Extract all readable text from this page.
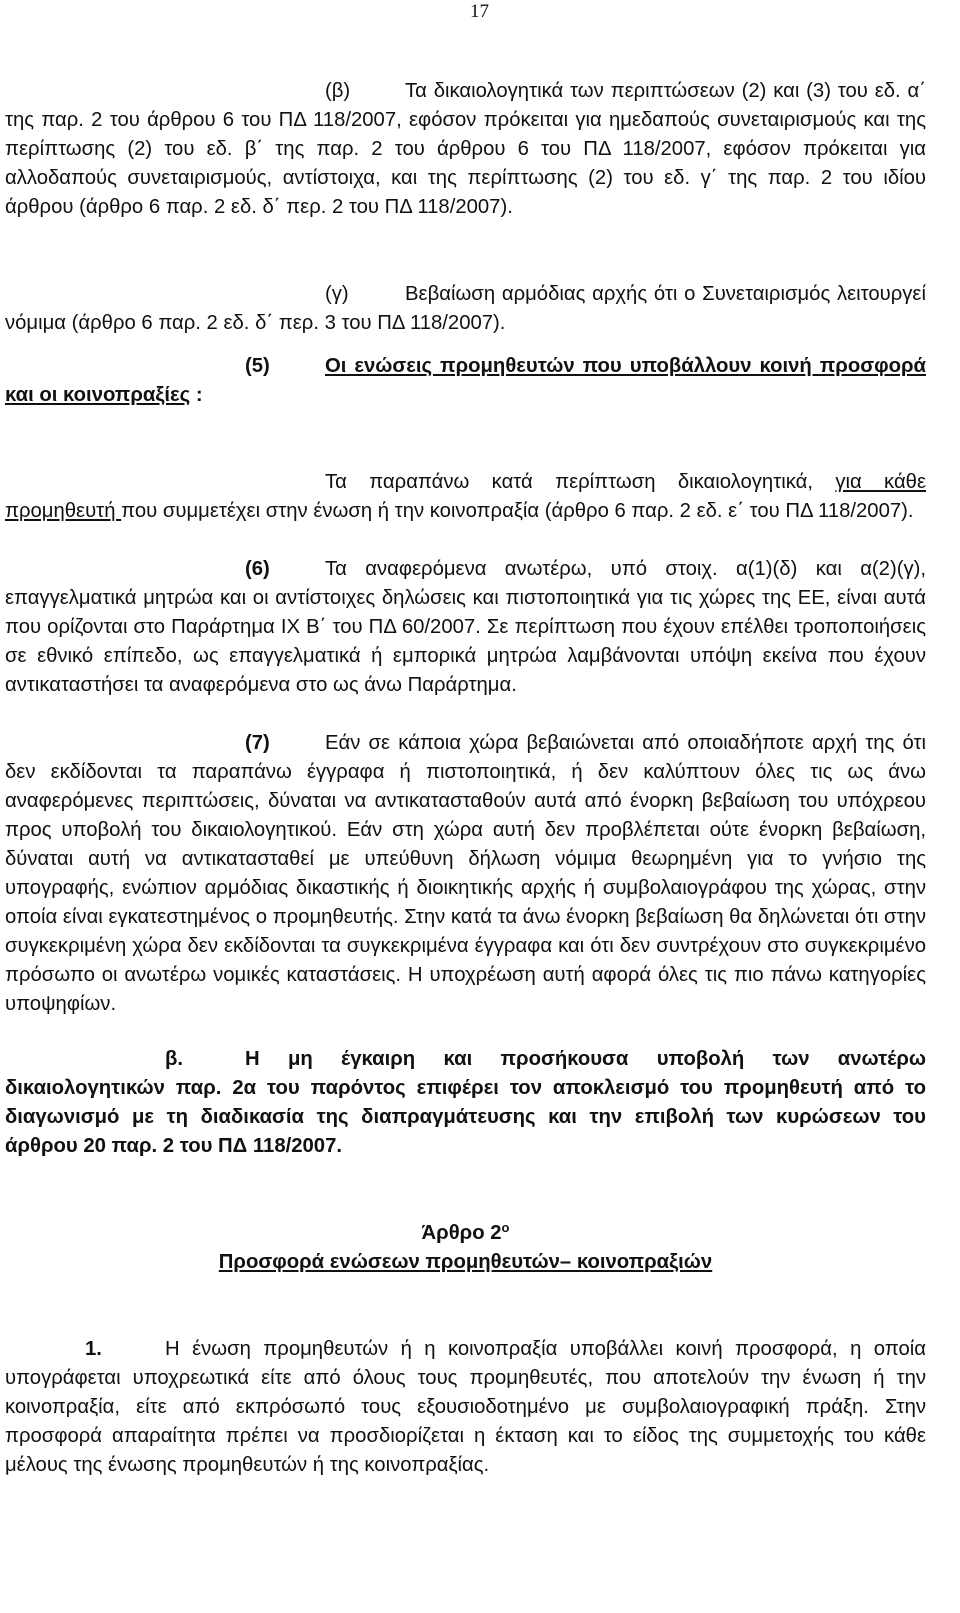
17

(β)	Τα δικαιολογητικά των περιπτώσεων (2) και (3) του εδ. α΄ της παρ. 2 του άρθρου 6 του ΠΔ 118/2007, εφόσον πρόκειται για ημεδαπούς συνεταιρισμούς και της περίπτωσης (2) του εδ. β΄ της παρ. 2 του άρθρου 6 του ΠΔ 118/2007, εφόσον πρόκειται για αλλοδαπούς συνεταιρισμούς, αντίστοιχα, και της περίπτωσης (2) του εδ. γ΄ της παρ. 2 του ιδίου άρθρου (άρθρο 6 παρ. 2 εδ. δ΄ περ. 2 του ΠΔ 118/2007).

(γ)	Βεβαίωση αρμόδιας αρχής ότι ο Συνεταιρισμός λειτουργεί νόμιμα (άρθρο 6 παρ. 2 εδ. δ΄ περ. 3 του ΠΔ 118/2007).

(5)	Οι ενώσεις προμηθευτών που υποβάλλουν κοινή προσφορά και οι κοινοπραξίες :

Τα παραπάνω κατά περίπτωση δικαιολογητικά, για κάθε προμηθευτή που συμμετέχει στην ένωση ή την κοινοπραξία (άρθρο 6 παρ. 2 εδ. ε΄ του ΠΔ 118/2007).

(6)	Τα αναφερόμενα ανωτέρω, υπό στοιχ. α(1)(δ) και α(2)(γ), επαγγελματικά μητρώα και οι αντίστοιχες δηλώσεις και πιστοποιητικά για τις χώρες της ΕΕ, είναι αυτά που ορίζονται στο Παράρτημα ΙΧ Β΄ του ΠΔ 60/2007. Σε περίπτωση που έχουν επέλθει τροποποιήσεις σε εθνικό επίπεδο, ως επαγγελματικά ή εμπορικά μητρώα λαμβάνονται υπόψη εκείνα που έχουν αντικαταστήσει τα αναφερόμενα στο ως άνω Παράρτημα.

(7)	Εάν σε κάποια χώρα βεβαιώνεται από οποιαδήποτε αρχή της ότι δεν εκδίδονται τα παραπάνω έγγραφα ή πιστοποιητικά, ή δεν καλύπτουν όλες τις ως άνω αναφερόμενες περιπτώσεις, δύναται να αντικατασταθούν αυτά από ένορκη βεβαίωση του υπόχρεου προς υποβολή του δικαιολογητικού. Εάν στη χώρα αυτή δεν προβλέπεται ούτε ένορκη βεβαίωση, δύναται αυτή να αντικατασταθεί με υπεύθυνη δήλωση νόμιμα θεωρημένη για το γνήσιο της υπογραφής, ενώπιον αρμόδιας δικαστικής ή διοικητικής αρχής ή συμβολαιογράφου της χώρας, στην οποία είναι εγκατεστημένος ο προμηθευτής. Στην κατά τα άνω ένορκη βεβαίωση θα δηλώνεται ότι στην συγκεκριμένη χώρα δεν εκδίδονται τα συγκεκριμένα έγγραφα και ότι δεν συντρέχουν στο συγκεκριμένο πρόσωπο οι ανωτέρω νομικές καταστάσεις. Η υποχρέωση αυτή αφορά όλες τις πιο πάνω κατηγορίες υποψηφίων.

β.	Η μη έγκαιρη και προσήκουσα υποβολή των ανωτέρω δικαιολογητικών παρ. 2α του παρόντος επιφέρει τον αποκλεισμό του προμηθευτή από το διαγωνισμό με τη διαδικασία της διαπραγμάτευσης και την επιβολή των κυρώσεων του άρθρου 20 παρ. 2 του ΠΔ 118/2007.

Άρθρο $2^o$

Προσφορά ενώσεων προμηθευτών– κοινοπραξιών

1.	Η ένωση προμηθευτών ή η κοινοπραξία υποβάλλει κοινή προσφορά, η οποία υπογράφεται υποχρεωτικά είτε από όλους τους προμηθευτές, που αποτελούν την ένωση ή την κοινοπραξία, είτε από εκπρόσωπό τους εξουσιοδοτημένο με συμβολαιογραφική πράξη. Στην προσφορά απαραίτητα πρέπει να προσδιορίζεται η έκταση και το είδος της συμμετοχής του κάθε μέλους της ένωσης προμηθευτών ή της κοινοπραξίας.
